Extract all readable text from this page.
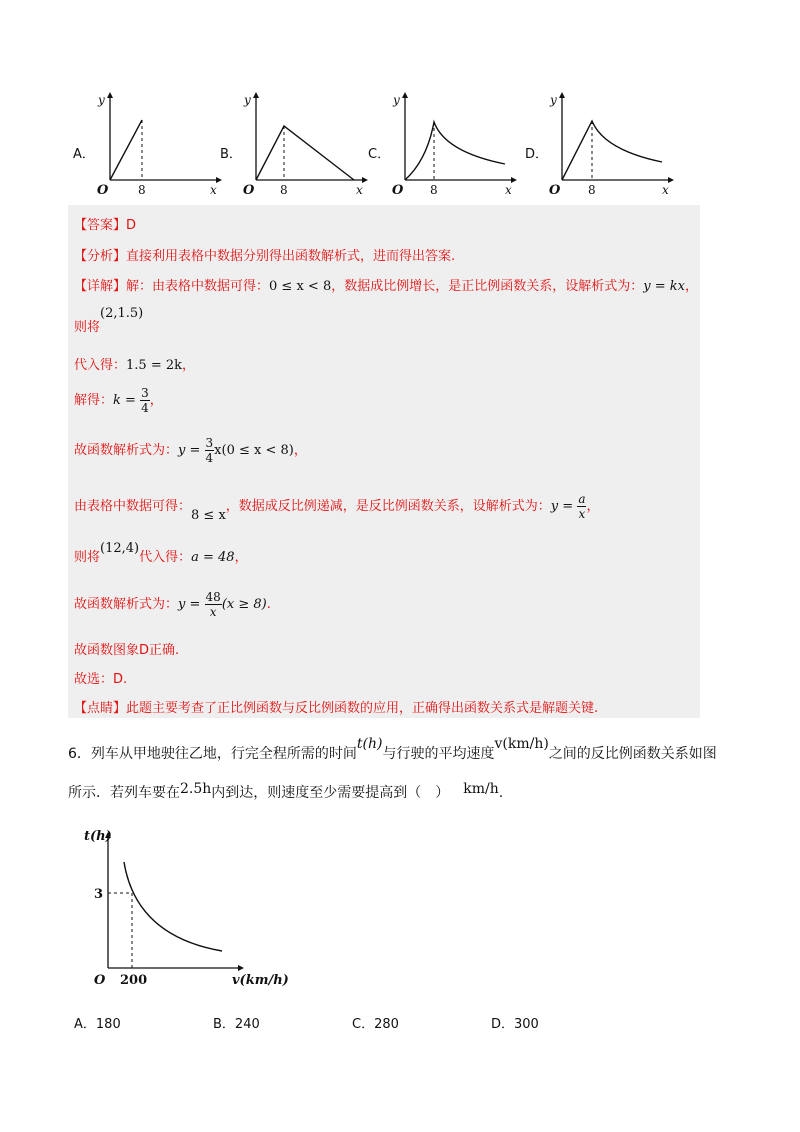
A．
y
x
O 8
B．
y
x
O 8
C．
y
x
O 8
D．
y
x
O 8
【答案】D
【分析】直接利用表格中数据分别得出函数解析式，进而得出答案.
【详解】解：由表格中数据可得：0 ≤ x < 8，数据成比例增长，是正比例函数关系，设解析式为：y = kx，
则将(2,1.5)
代入得：1.5 = 2k，
解得：$k = \frac{3}{4}$ ，
故函数解析式为：$y = \frac{3}{4} x(0 \le x < 8)$，
由表格中数据可得：8 ≤ x，数据成反比例递减，是反比例函数关系，设解析式为：$y = \frac{a}{x}$ ，
则将(12,4)代入得：a = 48，
故函数解析式为：$y = \frac{48}{x} (x \ge 8)$.
故函数图象D正确.
故选：D.
【点睛】此题主要考查了正比例函数与反比例函数的应用，正确得出函数关系式是解题关键.
6．列车从甲地驶往乙地，行完全程所需的时间t(h)与行驶的平均速度v(km/h)之间的反比例函数关系如图
所示．若列车要在2.5h内到达，则速度至少需要提高到（　） km/h.
t(h)
3
O 200	v(km/h)
A．180	B．240	C．280	D．300
